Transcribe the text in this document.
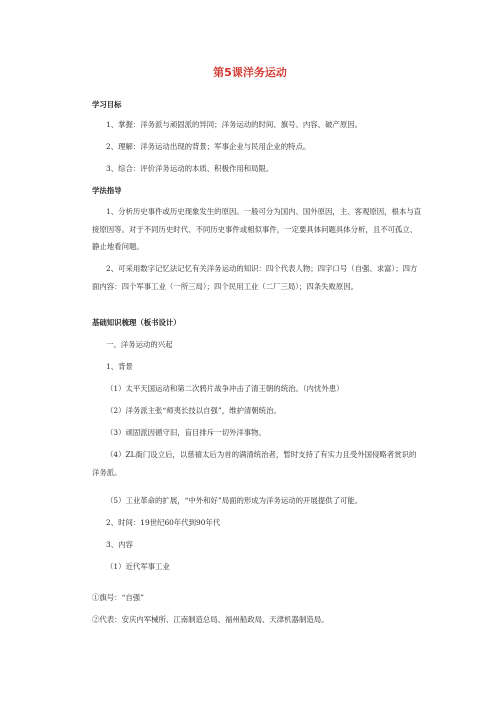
第5课洋务运动
学习目标
1、掌握：洋务派与顽固派的异同；洋务运动的时间、旗号、内容、破产原因。
2、理解：洋务运动出现的背景；军事企业与民用企业的特点。
3、综合：评价洋务运动的本质、积极作用和局限。
学法指导
1、分析历史事件或历史现象发生的原因。一般可分为国内、国外原因，主、客观原因，根本与直接原因等。对于不同历史时代、不同历史事件或相似事件，一定要具体问题具体分析，且不可孤立、静止地看问题。
2、可采用数字记忆法记忆有关洋务运动的知识：四个代表人物；四字口号（自强、求富）；四方面内容：四个军事工业（一所三局）；四个民用工业（二厂三局）；四条失败原因。
基础知识梳理（板书设计）
一、洋务运动的兴起
1、背景
（1）太平天国运动和第二次鸦片战争冲击了清王朝的统治。（内忧外患）
（2）洋务派主张“师夷长技以自强”，维护清朝统治。
（3）顽固派因循守旧，盲目排斥一切外洋事物。
（4）ZL衙门设立后，以慈禧太后为首的满清统治者，暂时支持了有实力且受外国侵略者赏识的洋务派。
（5）工业革命的扩展，“中外和好”局面的形成为洋务运动的开展提供了可能。
2、时间：19世纪60年代到90年代
3、内容
（1）近代军事工业
①旗号：“自强”
②代表：安庆内军械所、江南制造总局、福州船政局、天津机器制造局。
